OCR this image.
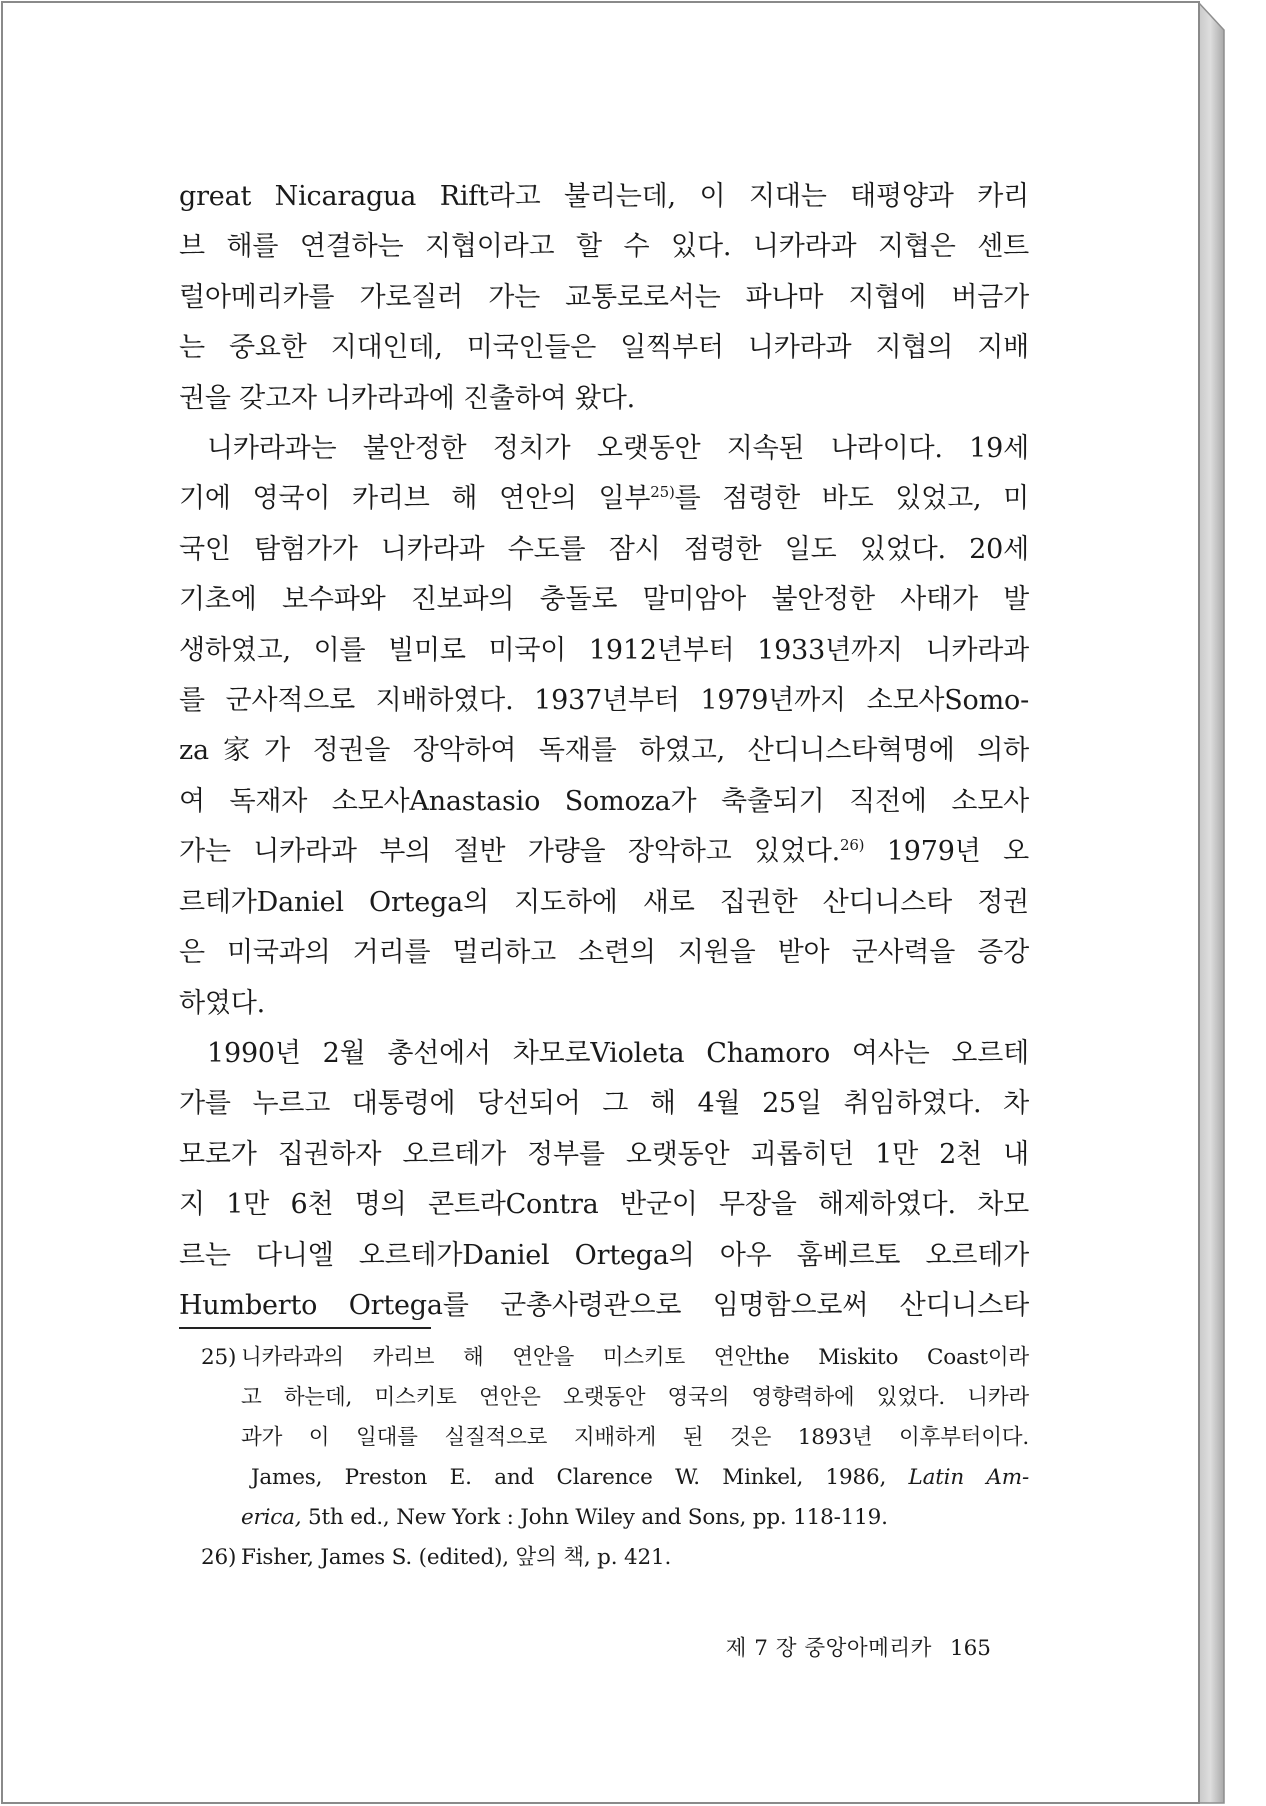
great Nicaragua Rift라고 불리는데, 이 지대는 태평양과 카리
브 해를 연결하는 지협이라고 할 수 있다. 니카라과 지협은 센트
럴아메리카를 가로질러 가는 교통로로서는 파나마 지협에 버금가
는 중요한 지대인데, 미국인들은 일찍부터 니카라과 지협의 지배
권을 갖고자 니카라과에 진출하여 왔다.

니카라과는 불안정한 정치가 오랫동안 지속된 나라이다. 19세
기에 영국이 카리브 해 연안의 일부$^{25)}$를 점령한 바도 있었고, 미
국인 탐험가가 니카라과 수도를 잠시 점령한 일도 있었다. 20세
기초에 보수파와 진보파의 충돌로 말미암아 불안정한 사태가 발
생하였고, 이를 빌미로 미국이 1912년부터 1933년까지 니카라과
를 군사적으로 지배하였다. 1937년부터 1979년까지 소모사Somo-
za家가 정권을 장악하여 독재를 하였고, 산디니스타혁명에 의하
여 독재자 소모사Anastasio Somoza가 축출되기 직전에 소모사
가는 니카라과 부의 절반 가량을 장악하고 있었다.$^{26)}$ 1979년 오
르테가Daniel Ortega의 지도하에 새로 집권한 산디니스타 정권
은 미국과의 거리를 멀리하고 소련의 지원을 받아 군사력을 증강
하였다.

1990년 2월 총선에서 차모로Violeta Chamoro 여사는 오르테
가를 누르고 대통령에 당선되어 그 해 4월 25일 취임하였다. 차
모로가 집권하자 오르테가 정부를 오랫동안 괴롭히던 1만 2천 내
지 1만 6천 명의 콘트라Contra 반군이 무장을 해제하였다. 차모
르는 다니엘 오르테가Daniel Ortega의 아우 훔베르토 오르테가
Humberto Ortega를 군총사령관으로 임명함으로써 산디니스타

25) 니카라과의 카리브 해 연안을 미스키토 연안the Miskito Coast이라
고 하는데, 미스키토 연안은 오랫동안 영국의 영향력하에 있었다. 니카라
과가 이 일대를 실질적으로 지배하게 된 것은 1893년 이후부터이다.
James, Preston E. and Clarence W. Minkel, 1986, Latin Am-
erica, 5th ed., New York : John Wiley and Sons, pp. 118-119.
26) Fisher, James S. (edited), 앞의 책, p. 421.
제 7 장 중앙아메리카 165
